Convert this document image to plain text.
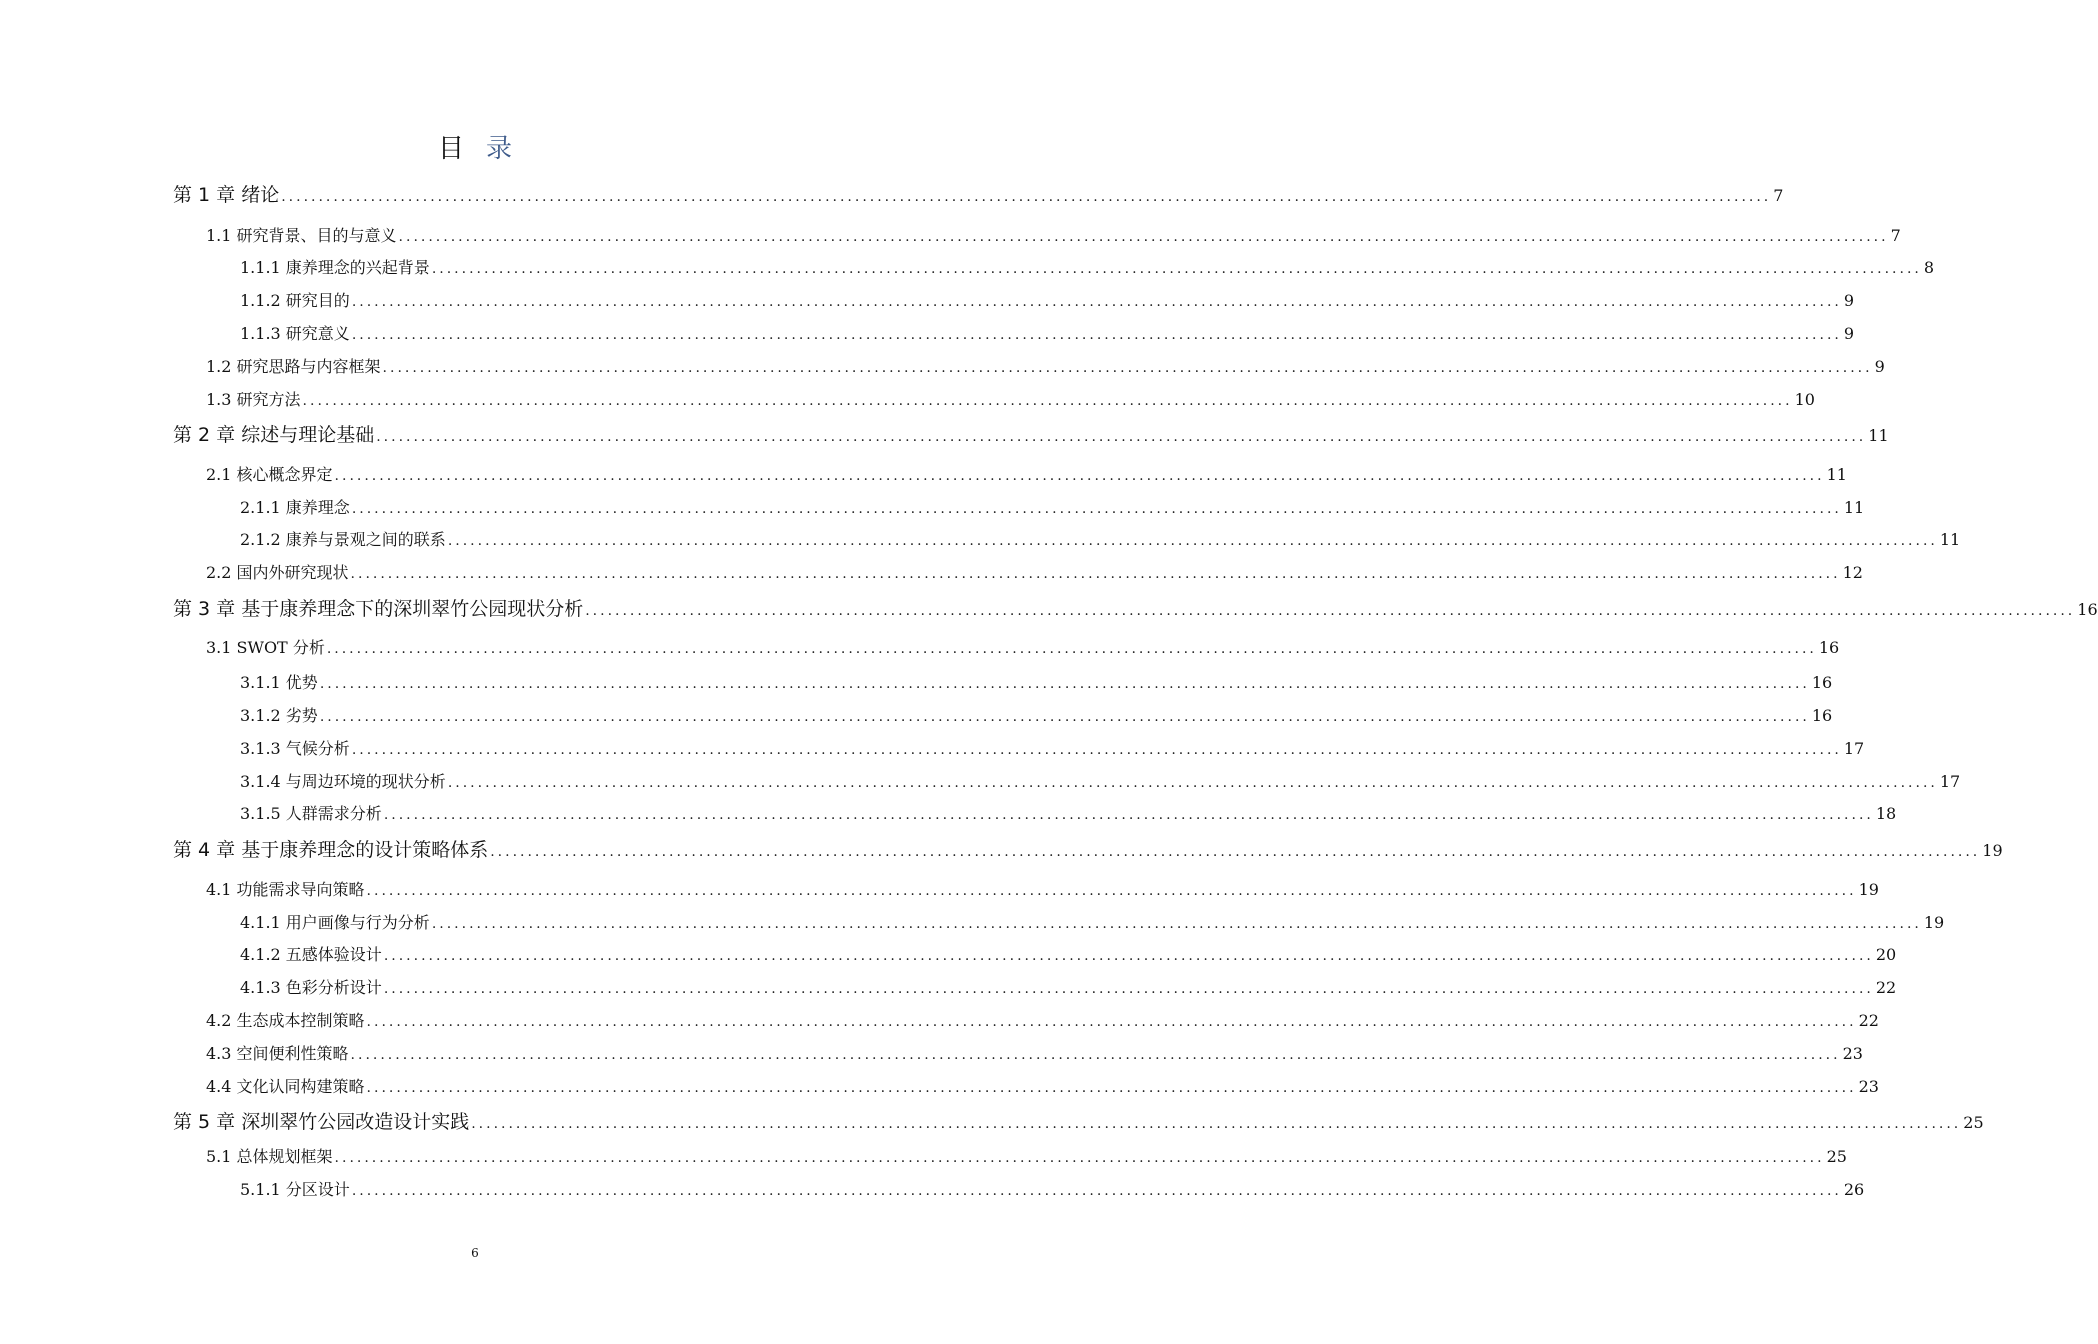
目 录
第 1 章 绪论 ........................................................................................................................................................................................................ 7
1.1 研究背景、目的与意义 ........................................................................................................................................................................................................ 7
1.1.1 康养理念的兴起背景 ........................................................................................................................................................................................................ 8
1.1.2 研究目的 ........................................................................................................................................................................................................ 9
1.1.3 研究意义 ........................................................................................................................................................................................................ 9
1.2 研究思路与内容框架 ........................................................................................................................................................................................................ 9
1.3 研究方法 ........................................................................................................................................................................................................ 10
第 2 章 综述与理论基础 ........................................................................................................................................................................................................ 11
2.1 核心概念界定 ........................................................................................................................................................................................................ 11
2.1.1 康养理念 ........................................................................................................................................................................................................ 11
2.1.2 康养与景观之间的联系 ........................................................................................................................................................................................................ 11
2.2 国内外研究现状 ........................................................................................................................................................................................................ 12
第 3 章 基于康养理念下的深圳翠竹公园现状分析 ........................................................................................................................................................................................................ 16
3.1 SWOT 分析 ........................................................................................................................................................................................................ 16
3.1.1 优势 ........................................................................................................................................................................................................ 16
3.1.2 劣势 ........................................................................................................................................................................................................ 16
3.1.3 气候分析 ........................................................................................................................................................................................................ 17
3.1.4 与周边环境的现状分析 ........................................................................................................................................................................................................ 17
3.1.5 人群需求分析 ........................................................................................................................................................................................................ 18
第 4 章 基于康养理念的设计策略体系 ........................................................................................................................................................................................................ 19
4.1 功能需求导向策略 ........................................................................................................................................................................................................ 19
4.1.1 用户画像与行为分析 ........................................................................................................................................................................................................ 19
4.1.2 五感体验设计 ........................................................................................................................................................................................................ 20
4.1.3 色彩分析设计 ........................................................................................................................................................................................................ 22
4.2 生态成本控制策略 ........................................................................................................................................................................................................ 22
4.3 空间便利性策略 ........................................................................................................................................................................................................ 23
4.4 文化认同构建策略 ........................................................................................................................................................................................................ 23
第 5 章 深圳翠竹公园改造设计实践 ........................................................................................................................................................................................................ 25
5.1 总体规划框架 ........................................................................................................................................................................................................ 25
5.1.1 分区设计 ........................................................................................................................................................................................................ 26
6
